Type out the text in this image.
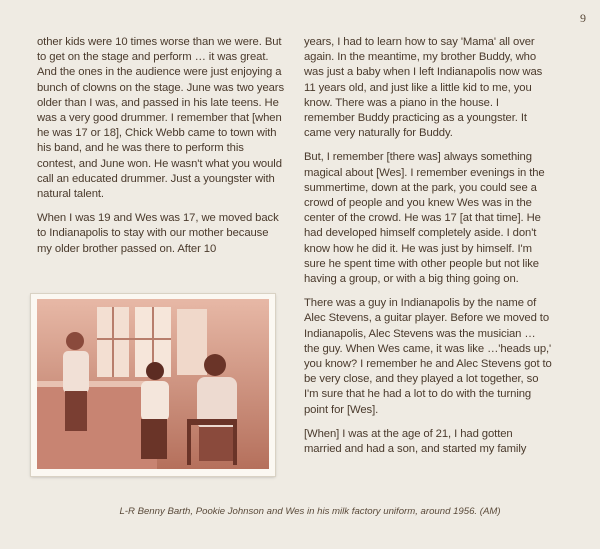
9

other kids were 10 times worse than we were. But to get on the stage and perform … it was great. And the ones in the audience were just enjoying a bunch of clowns on the stage. June was two years older than I was, and passed in his late teens. He was a very good drummer. I remember that [when he was 17 or 18], Chick Webb came to town with his band, and he was there to perform this contest, and June won. He wasn't what you would call an educated drummer. Just a youngster with natural talent.

When I was 19 and Wes was 17, we moved back to Indianapolis to stay with our mother because my older brother passed on. After 10

L-R Benny Barth, Pookie Johnson and Wes in his milk factory uniform, around 1956. (AM)

years, I had to learn how to say 'Mama' all over again. In the meantime, my brother Buddy, who was just a baby when I left Indianapolis now was 11 years old, and just like a little kid to me, you know. There was a piano in the house. I remember Buddy practicing as a youngster. It came very naturally for Buddy.

But, I remember [there was] always something magical about [Wes]. I remember evenings in the summertime, down at the park, you could see a crowd of people and you knew Wes was in the center of the crowd. He was 17 [at that time]. He had developed himself completely aside. I don't know how he did it. He was just by himself. I'm sure he spent time with other people but not like having a group, or with a big thing going on.

There was a guy in Indianapolis by the name of Alec Stevens, a guitar player. Before we moved to Indianapolis, Alec Stevens was the musician … the guy. When Wes came, it was like …'heads up,' you know? I remember he and Alec Stevens got to be very close, and they played a lot together, so I'm sure that he had a lot to do with the turning point for [Wes].

[When] I was at the age of 21, I had gotten married and had a son, and started my family
